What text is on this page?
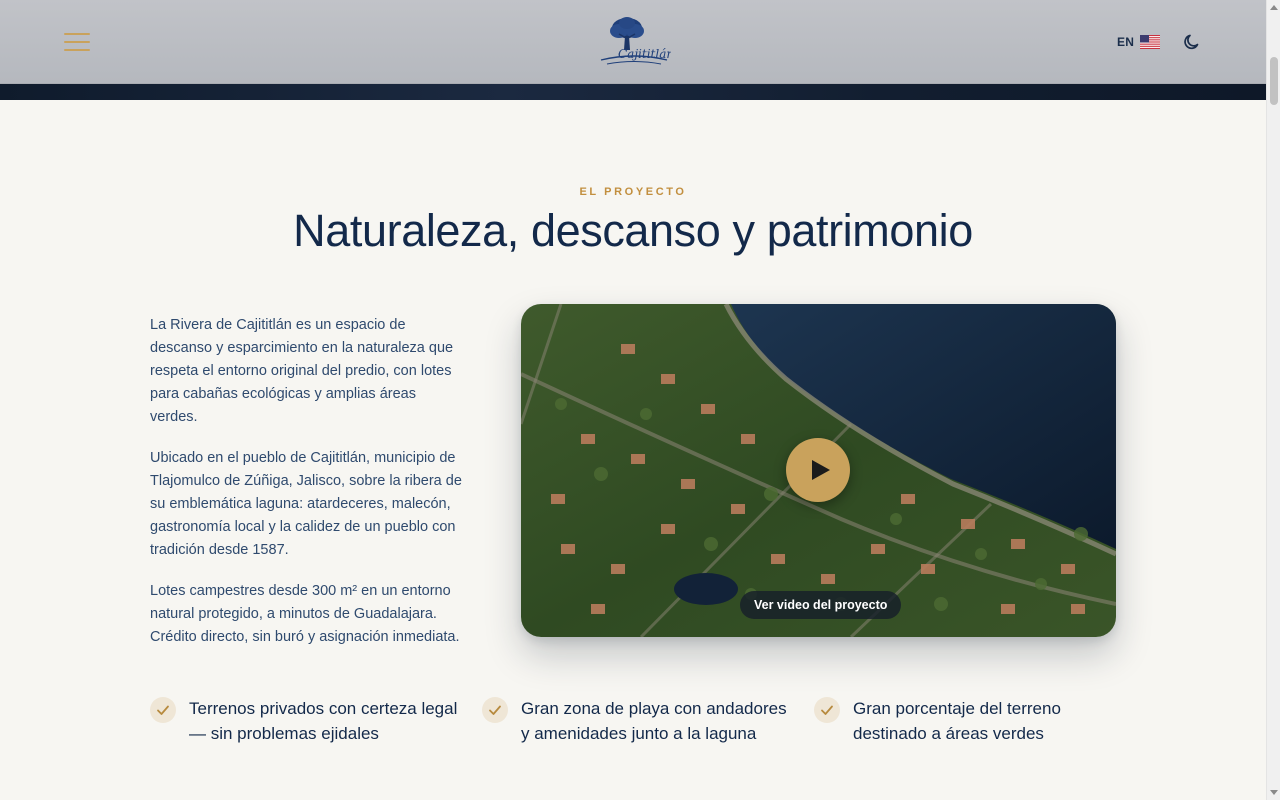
Cajititlán
EN
EL PROYECTO
Naturaleza, descanso y patrimonio

La Rivera de Cajititlán es un espacio de descanso y esparcimiento en la naturaleza que respeta el entorno original del predio, con lotes para cabañas ecológicas y amplias áreas verdes.

Ubicado en el pueblo de Cajititlán, municipio de Tlajomulco de Zúñiga, Jalisco, sobre la ribera de su emblemática laguna: atardeceres, malecón, gastronomía local y la calidez de un pueblo con tradición desde 1587.

Lotes campestres desde 300 m² en un entorno natural protegido, a minutos de Guadalajara. Crédito directo, sin buró y asignación inmediata.

Ver video del proyecto
Terrenos privados con certeza legal — sin problemas ejidales
Gran zona de playa con andadores y amenidades junto a la laguna
Gran porcentaje del terreno destinado a áreas verdes
